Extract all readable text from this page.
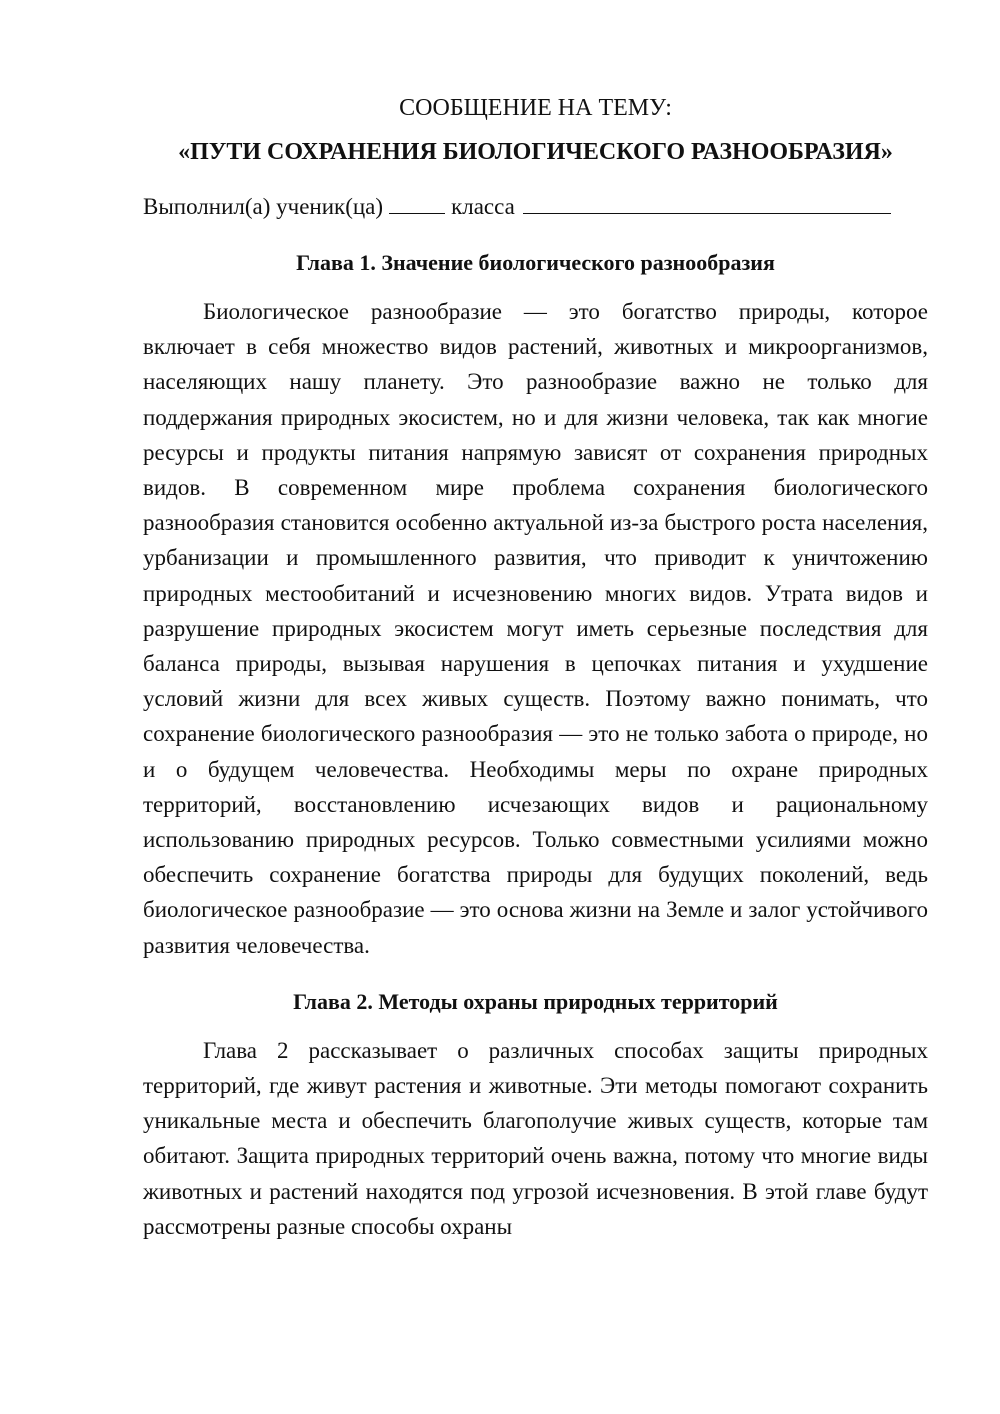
СООБЩЕНИЕ НА ТЕМУ:

«ПУТИ СОХРАНЕНИЯ БИОЛОГИЧЕСКОГО РАЗНООБРАЗИЯ»

Выполнил(а) ученик(ца)	класса

Глава 1. Значение биологического разнообразия

Биологическое разнообразие — это богатство природы, которое включает в себя множество видов растений, животных и микроорганизмов, населяющих нашу планету. Это разнообразие важно не только для поддержания природных экосистем, но и для жизни человека, так как многие ресурсы и продукты питания напрямую зависят от сохранения природных видов. В современном мире проблема сохранения биологического разнообразия становится особенно актуальной из-за быстрого роста населения, урбанизации и промышленного развития, что приводит к уничтожению природных местообитаний и исчезновению многих видов. Утрата видов и разрушение природных экосистем могут иметь серьезные последствия для баланса природы, вызывая нарушения в цепочках питания и ухудшение условий жизни для всех живых существ. Поэтому важно понимать, что сохранение биологического разнообразия — это не только забота о природе, но и о будущем человечества. Необходимы меры по охране природных территорий, восстановлению исчезающих видов и рациональному использованию природных ресурсов. Только совместными усилиями можно обеспечить сохранение богатства природы для будущих поколений, ведь биологическое разнообразие — это основа жизни на Земле и залог устойчивого развития человечества.

Глава 2. Методы охраны природных территорий

Глава 2 рассказывает о различных способах защиты природных территорий, где живут растения и животные. Эти методы помогают сохранить уникальные места и обеспечить благополучие живых существ, которые там обитают. Защита природных территорий очень важна, потому что многие виды животных и растений находятся под угрозой исчезновения. В этой главе будут рассмотрены разные способы охраны
